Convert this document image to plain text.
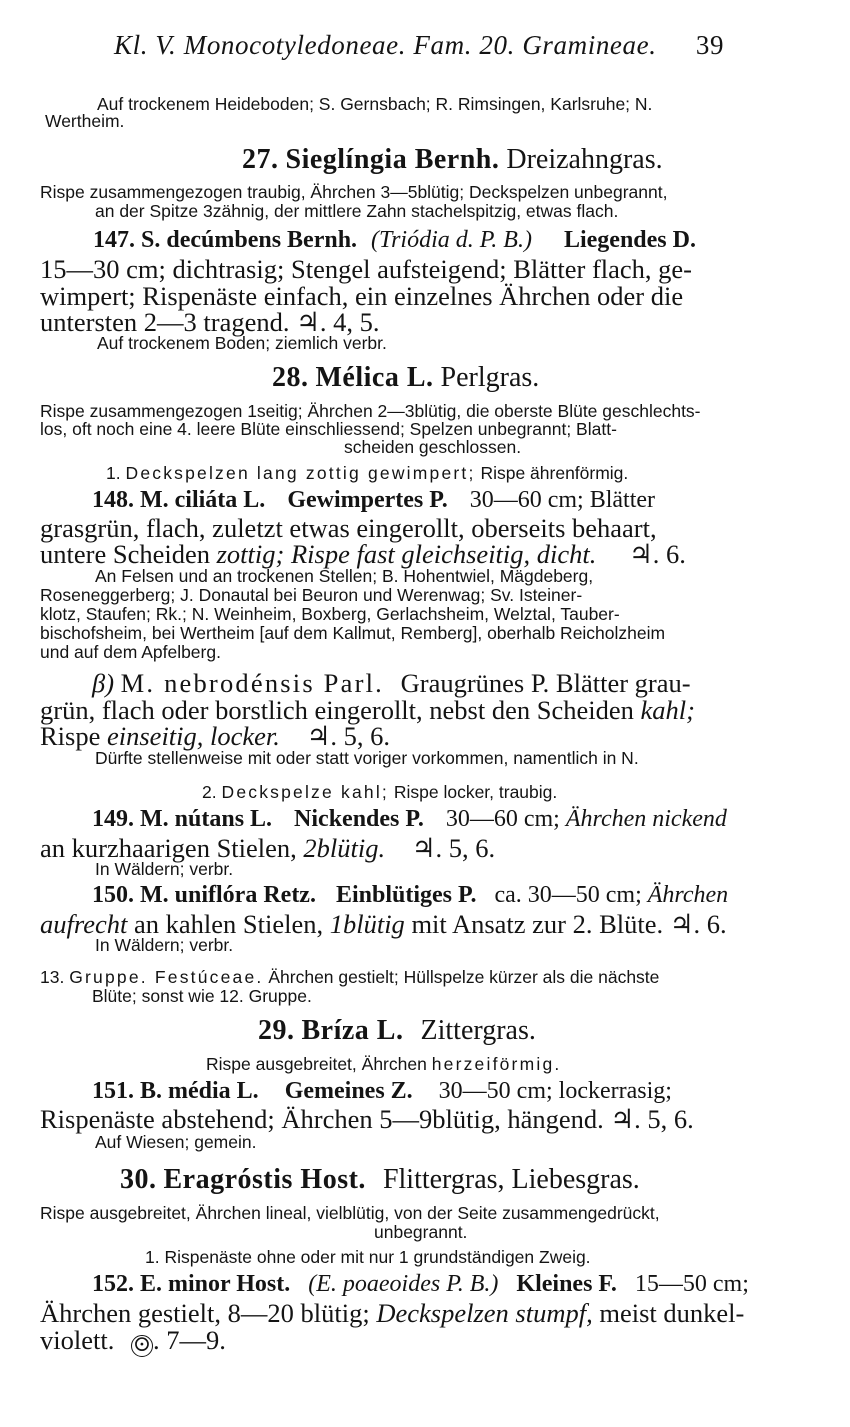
Kl. V. Monocotyledoneae. Fam. 20. Gramineae. 39
Auf trockenem Heideboden; S. Gernsbach; R. Rimsingen, Karlsruhe; N.
Wertheim.
27. Sieglíngia Bernh. Dreizahngras.
Rispe zusammengezogen traubig, Ährchen 3—5blütig; Deckspelzen unbegrannt,
an der Spitze 3zähnig, der mittlere Zahn stachelspitzig, etwas flach.
147. S. decúmbens Bernh. (Triódia d. P. B.) Liegendes D.
15—30 cm; dichtrasig; Stengel aufsteigend; Blätter flach, ge-
wimpert; Rispenäste einfach, ein einzelnes Ährchen oder die
untersten 2—3 tragend. ♃. 4, 5.
Auf trockenem Boden; ziemlich verbr.
28. Mélica L. Perlgras.
Rispe zusammengezogen 1seitig; Ährchen 2—3blütig, die oberste Blüte geschlechts-
los, oft noch eine 4. leere Blüte einschliessend; Spelzen unbegrannt; Blatt-
scheiden geschlossen.
1. Deckspelzen lang zottig gewimpert; Rispe ährenförmig.
148. M. ciliáta L. Gewimpertes P. 30—60 cm; Blätter
grasgrün, flach, zuletzt etwas eingerollt, oberseits behaart,
untere Scheiden zottig; Rispe fast gleichseitig, dicht. ♃. 6.
An Felsen und an trockenen Stellen; B. Hohentwiel, Mägdeberg,
Roseneggerberg; J. Donautal bei Beuron und Werenwag; Sv. Isteiner-
klotz, Staufen; Rk.; N. Weinheim, Boxberg, Gerlachsheim, Welztal, Tauber-
bischofsheim, bei Wertheim [auf dem Kallmut, Remberg], oberhalb Reicholzheim
und auf dem Apfelberg.
β) M. nebrodénsis Parl. Graugrünes P. Blätter grau-
grün, flach oder borstlich eingerollt, nebst den Scheiden kahl;
Rispe einseitig, locker. ♃. 5, 6.
Dürfte stellenweise mit oder statt voriger vorkommen, namentlich in N.
2. Deckspelze kahl; Rispe locker, traubig.
149. M. nútans L. Nickendes P. 30—60 cm; Ährchen nickend
an kurzhaarigen Stielen, 2blütig. ♃. 5, 6.
In Wäldern; verbr.
150. M. uniflóra Retz. Einblütiges P. ca. 30—50 cm; Ährchen
aufrecht an kahlen Stielen, 1blütig mit Ansatz zur 2. Blüte. ♃. 6.
In Wäldern; verbr.
13. Gruppe. Festúceae. Ährchen gestielt; Hüllspelze kürzer als die nächste
Blüte; sonst wie 12. Gruppe.
29. Bríza L. Zittergras.
Rispe ausgebreitet, Ährchen herzeiförmig.
151. B. média L. Gemeines Z. 30—50 cm; lockerrasig;
Rispenäste abstehend; Ährchen 5—9blütig, hängend. ♃. 5, 6.
Auf Wiesen; gemein.
30. Eragróstis Host. Flittergras, Liebesgras.
Rispe ausgebreitet, Ährchen lineal, vielblütig, von der Seite zusammengedrückt,
unbegrannt.
1. Rispenäste ohne oder mit nur 1 grundständigen Zweig.
152. E. minor Host. (E. poaeoides P. B.) Kleines F. 15—50 cm;
Ährchen gestielt, 8—20 blütig; Deckspelzen stumpf, meist dunkel-
violett. ⊙. 7—9.
